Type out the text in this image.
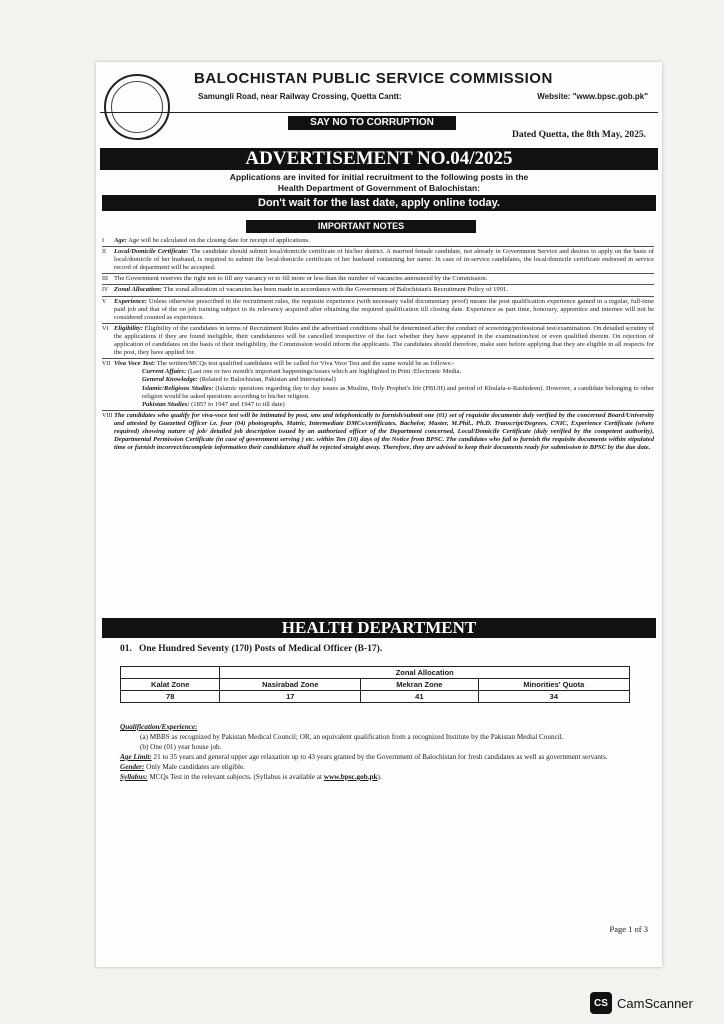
BALOCHISTAN PUBLIC SERVICE COMMISSION
Samungli Road, near Railway Crossing, Quetta Cantt:	Website: "www.bpsc.gob.pk"
SAY NO TO CORRUPTION
Dated Quetta, the 8th May, 2025.
ADVERTISEMENT NO.04/2025
Applications are invited for initial recruitment to the following posts in the
Health Department of Government of Balochistan:
Don't wait for the last date, apply online today.
IMPORTANT NOTES
I	Age: Age will be calculated on the closing date for receipt of applications.
II	Local/Domicile Certificate: The candidate should submit local/domicile certificate of his/her district. A married female candidate, not already in Government Service and desires to apply on the basis of local/domicile of her husband, is required to submit the local/domicile certificate of her husband containing her name. In case of in-service candidates, the local/domicile certificate endorsed in service record of department will be accepted.
III The Government reserves the right not to fill any vacancy or to fill more or less than the number of vacancies announced by the Commission.
IV Zonal Allocation: The zonal allocation of vacancies has been made in accordance with the Government of Balochistan's Recruitment Policy of 1991.
V	Experience: Unless otherwise prescribed in the recruitment rules, the requisite experience (with necessary valid documentary proof) means the post qualification experience gained in a regular, full-time paid job and that of the on job training subject to its relevancy acquired after obtaining the required qualification till closing date. Experience as part time, honorary, apprentice and internee will not be considered counted as experience.
VI Eligibility: Eligibility of the candidates in terms of Recruitment Rules and the advertised conditions shall be determined after the conduct of screening/professional test/examination. On detailed scrutiny of the applications if they are found ineligible, their candidatures will be cancelled irrespective of the fact whether they have appeared in the examination/test or even qualified therein. On rejection of application of candidates on the basis of their ineligibility, the Commission would inform the applicants. The candidates should therefore, make sure before applying that they are eligible in all respects for the post, they have applied for.
VII Viva Voce Test: The written/MCQs test qualified candidates will be called for Viva Voce Test and the same would be as follows:-
Current Affairs: (Last one or two month's important happenings/issues which are highlighted in Print /Electronic Media.
General Knowledge: (Related to Balochistan, Pakistan and International)
Islamic/Religious Studies: (Islamic questions regarding day to day issues as Muslim, Holy Prophet's life (PBUH) and period of Khulafa-e-Rashideen). However, a candidate belonging to other religion would be asked questions according to his/her religion.
Pakistan Studies: (1857 to 1947 and 1947 to till date)
VIII The candidates who qualify for viva-voce test will be intimated by post, sms and telephonically to furnish/submit one (01) set of requisite documents duly verified by the concerned Board/University and attested by Guezetted Officer i.e. four (04) photographs, Matric, Intermediate DMCs/certificates, Bachelor, Master, M.Phil., Ph.D. Transcript/Degrees, CNIC, Experience Certificate (where required) showing nature of job/ detailed job description issued by an authorized officer of the Department concerned, Local/Domicile Certificate (duly verified by the competent authority), Departmental Permission Certificate (in case of government serving ) etc. within Ten (10) days of the Notice from BPSC. The candidates who fail to furnish the requisite documents within stipulated time or furnish incorrect/incomplete information their candidature shall be rejected straight away. Therefore, they are advised to keep their documents ready for submission to BPSC by the due date.
HEALTH DEPARTMENT
01. One Hundred Seventy (170) Posts of Medical Officer (B-17).
	Zonal Allocation		
Kalat Zone	Nasirabad Zone	Mekran Zone	Minorities' Quota
78	17	41	34
Qualification/Experience:
(a) MBBS as recognized by Pakistan Medical Council; OR, an equivalent qualification from a recognized Institute by the Pakistan Medial Council.
(b) One (01) year house job.
Age Limit: 21 to 35 years and general upper age relaxation up to 43 years granted by the Government of Balochistan for fresh candidates as well as government servants.
Gender: Only Male candidates are eligible.
Syllabus: MCQs Test in the relevant subjects. (Syllabus is available at www.bpsc.gob.pk).
Page 1 of 3
CS CamScanner
